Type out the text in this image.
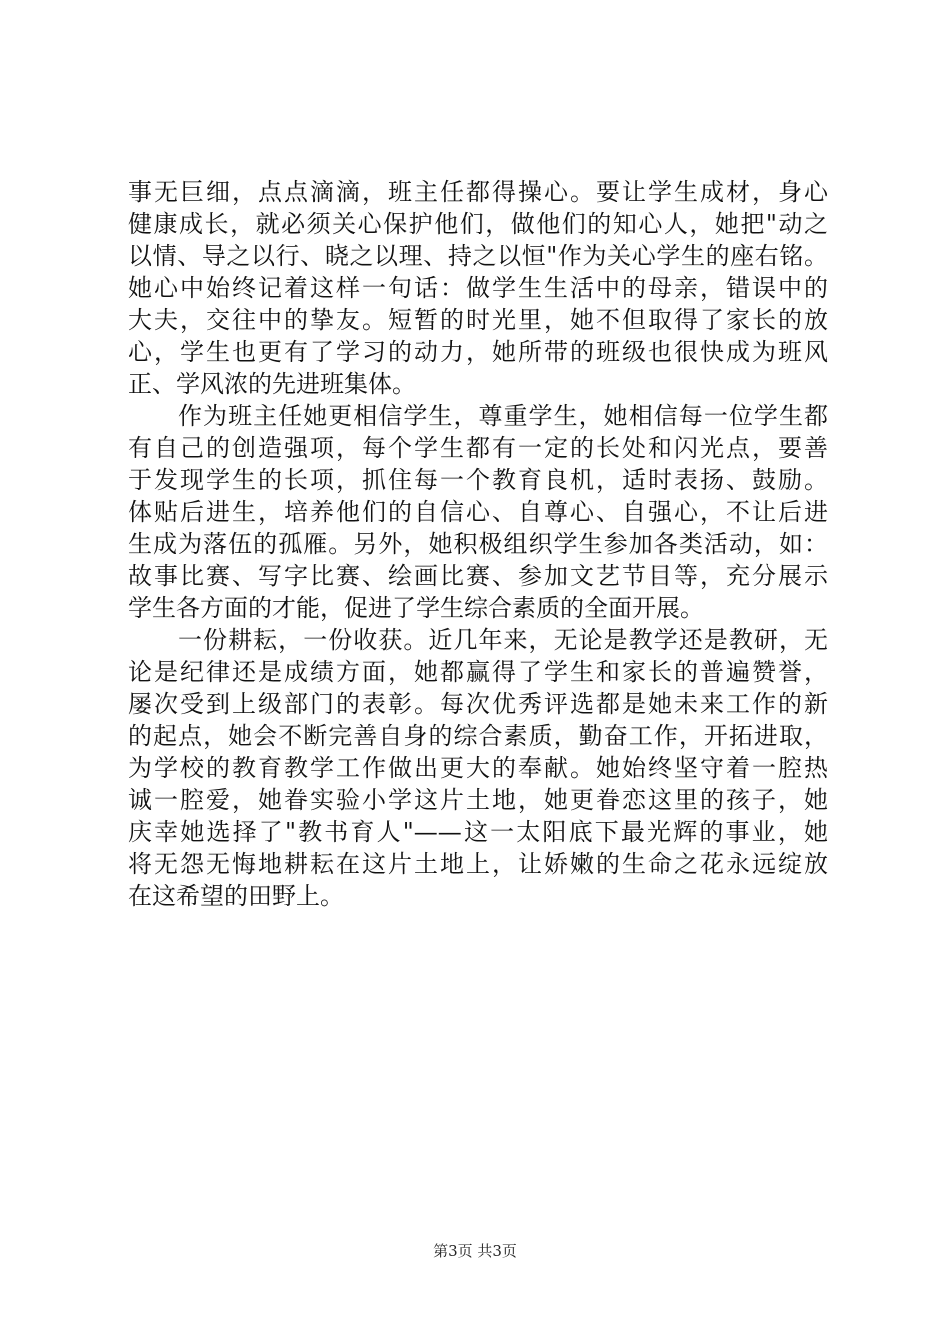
事无巨细，点点滴滴，班主任都得操心。要让学生成材，身心
健康成长，就必须关心保护他们，做他们的知心人，她把"动之
以情、导之以行、晓之以理、持之以恒"作为关心学生的座右铭。
她心中始终记着这样一句话：做学生生活中的母亲，错误中的
大夫，交往中的挚友。短暂的时光里，她不但取得了家长的放
心，学生也更有了学习的动力，她所带的班级也很快成为班风
正、学风浓的先进班集体。
作为班主任她更相信学生，尊重学生，她相信每一位学生都
有自己的创造强项，每个学生都有一定的长处和闪光点，要善
于发现学生的长项，抓住每一个教育良机，适时表扬、鼓励。
体贴后进生，培养他们的自信心、自尊心、自强心，不让后进
生成为落伍的孤雁。另外，她积极组织学生参加各类活动，如：
故事比赛、写字比赛、绘画比赛、参加文艺节目等，充分展示
学生各方面的才能，促进了学生综合素质的全面开展。
一份耕耘，一份收获。近几年来，无论是教学还是教研，无
论是纪律还是成绩方面，她都赢得了学生和家长的普遍赞誉，
屡次受到上级部门的表彰。每次优秀评选都是她未来工作的新
的起点，她会不断完善自身的综合素质，勤奋工作，开拓进取，
为学校的教育教学工作做出更大的奉献。她始终坚守着一腔热
诚一腔爱，她眷实验小学这片土地，她更眷恋这里的孩子，她
庆幸她选择了"教书育人"——这一太阳底下最光辉的事业，她
将无怨无悔地耕耘在这片土地上，让娇嫩的生命之花永远绽放
在这希望的田野上。
第3页 共3页
